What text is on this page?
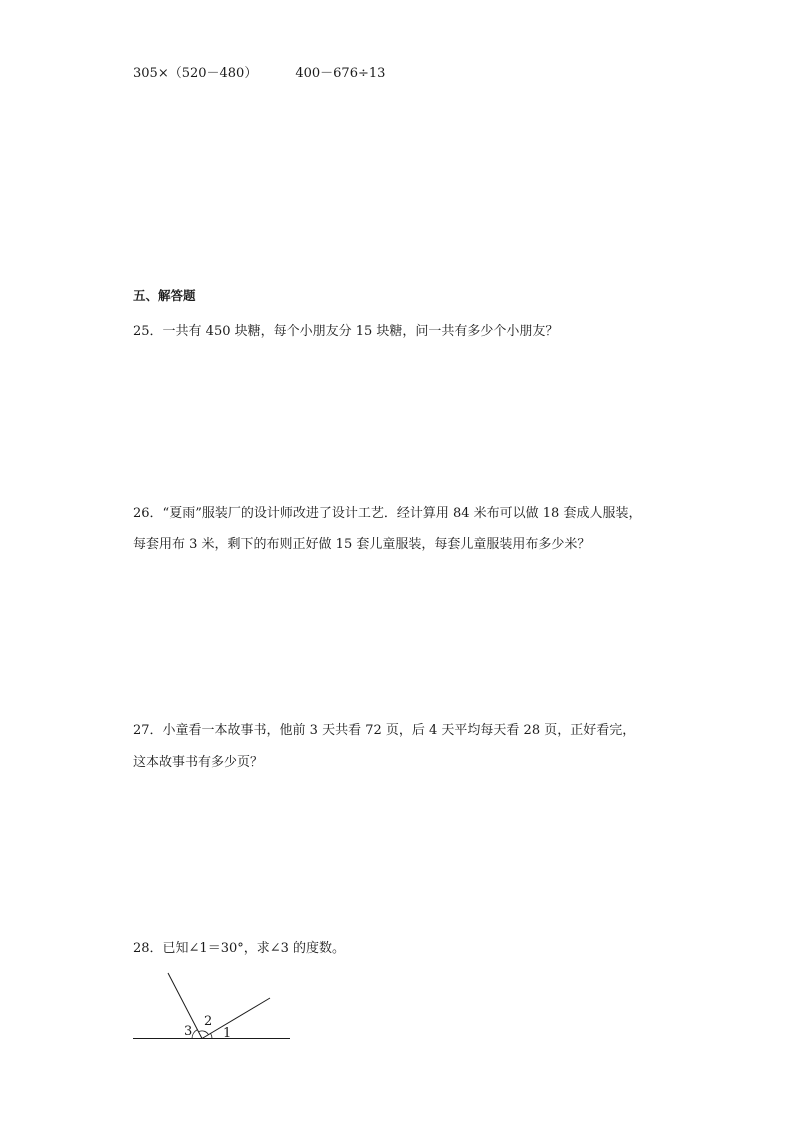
305×（520－480）	400－676÷13
五、解答题
25．一共有 450 块糖，每个小朋友分 15 块糖，问一共有多少个小朋友？
26．“夏雨”服装厂的设计师改进了设计工艺．经计算用 84 米布可以做 18 套成人服装，
每套用布 3 米，剩下的布则正好做 15 套儿童服装，每套儿童服装用布多少米？
27．小童看一本故事书，他前 3 天共看 72 页，后 4 天平均每天看 28 页，正好看完，
这本故事书有多少页？
28．已知∠1＝30°，求∠3 的度数。
3
2
1
